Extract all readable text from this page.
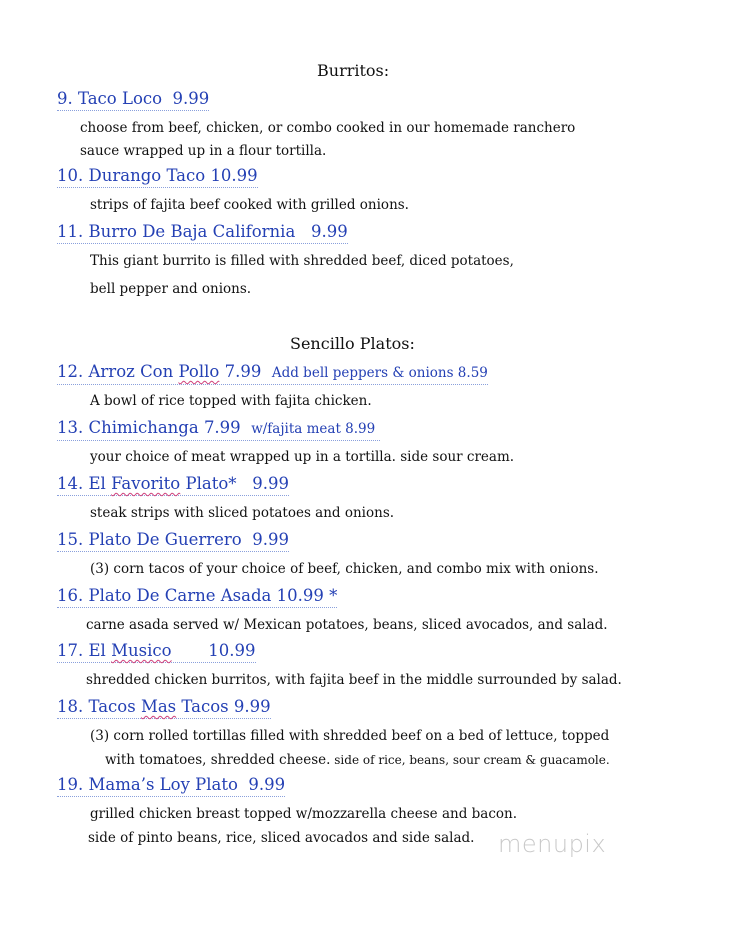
Burritos:
9. Taco Loco 9.99
choose from beef, chicken, or combo cooked in our homemade ranchero
sauce wrapped up in a flour tortilla.
10. Durango Taco 10.99
strips of fajita beef cooked with grilled onions.
11. Burro De Baja California 9.99
This giant burrito is filled with shredded beef, diced potatoes,
bell pepper and onions.
Sencillo Platos:
12. Arroz Con Pollo 7.99 Add bell peppers & onions 8.59
A bowl of rice topped with fajita chicken.
13. Chimichanga 7.99 w/fajita meat 8.99
your choice of meat wrapped up in a tortilla. side sour cream.
14. El Favorito Plato* 9.99
steak strips with sliced potatoes and onions.
15. Plato De Guerrero 9.99
(3) corn tacos of your choice of beef, chicken, and combo mix with onions.
16. Plato De Carne Asada 10.99 *
carne asada served w/ Mexican potatoes, beans, sliced avocados, and salad.
17. El Musico 10.99
shredded chicken burritos, with fajita beef in the middle surrounded by salad.
18. Tacos Mas Tacos 9.99
(3) corn rolled tortillas filled with shredded beef on a bed of lettuce, topped
with tomatoes, shredded cheese. side of rice, beans, sour cream & guacamole.
19. Mama’s Loy Plato 9.99
grilled chicken breast topped w/mozzarella cheese and bacon.
side of pinto beans, rice, sliced avocados and side salad. menupix
